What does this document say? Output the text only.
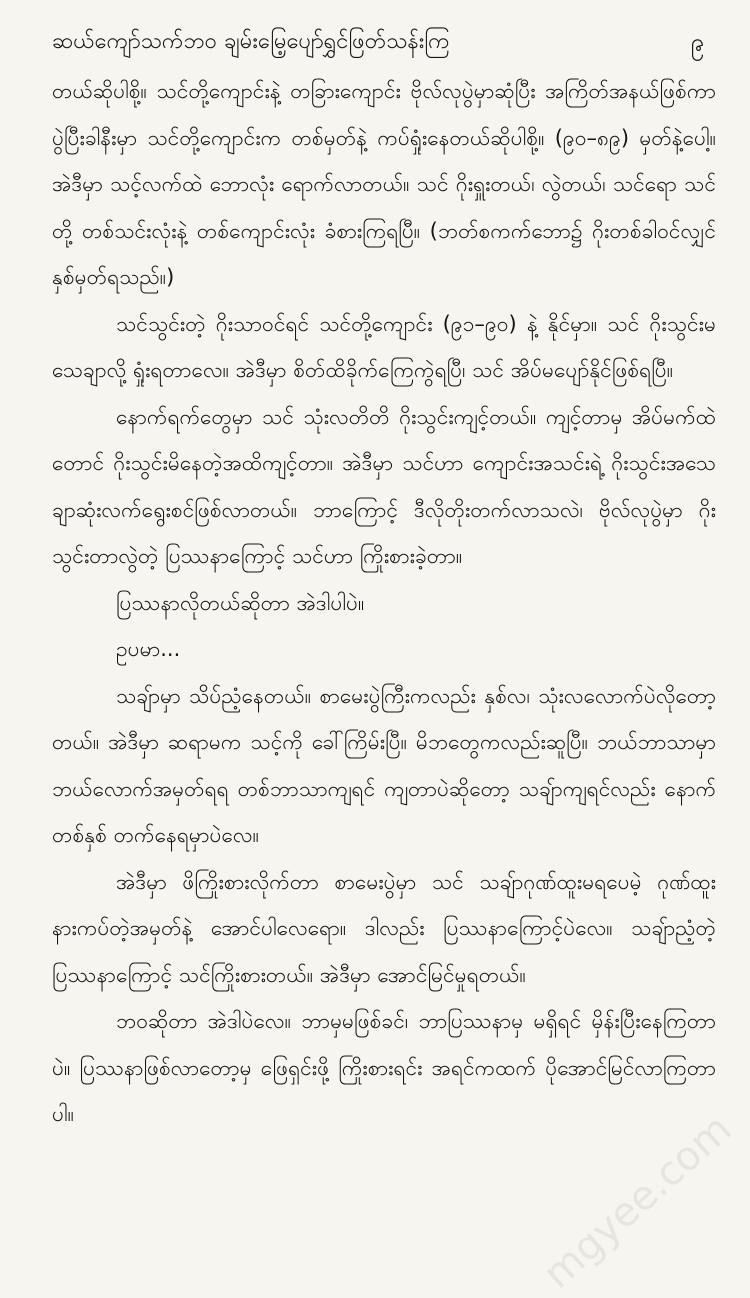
ဆယ်ကျော်သက်ဘဝ ချမ်းမြေ့ပျော်ရွှင်ဖြတ်သန်းကြ	၉

တယ်ဆိုပါစို့။ သင်တို့ကျောင်းနဲ့ တခြားကျောင်း ဗိုလ်လုပွဲမှာဆုံပြီး အကြိတ်အနယ်ဖြစ်ကာ ပွဲပြီးခါနီးမှာ သင်တို့ကျောင်းက တစ်မှတ်နဲ့ ကပ်ရှုံးနေတယ်ဆိုပါစို့။ (၉၀–၈၉) မှတ်နဲ့ပေါ့။ အဲဒီမှာ သင့်လက်ထဲ ဘောလုံး ရောက်လာတယ်။ သင် ဂိုးရှူးတယ်၊ လွဲတယ်၊ သင်ရော သင်တို့ တစ်သင်းလုံးနဲ့ တစ်ကျောင်းလုံး ခံစားကြရပြီ။ (ဘတ်စကက်ဘော၌ ဂိုးတစ်ခါဝင်လျှင် နှစ်မှတ်ရသည်။)

သင်သွင်းတဲ့ ဂိုးသာဝင်ရင် သင်တို့ကျောင်း (၉၁–၉၀) နဲ့ နိုင်မှာ။ သင် ဂိုးသွင်းမသေချာလို့ ရှုံးရတာလေ။ အဲဒီမှာ စိတ်ထိခိုက်ကြေကွဲရပြီ၊ သင် အိပ်မပျော်နိုင်ဖြစ်ရပြီ။

နောက်ရက်တွေမှာ သင် သုံးလတိတိ ဂိုးသွင်းကျင့်တယ်။ ကျင့်တာမှ အိပ်မက်ထဲတောင် ဂိုးသွင်းမိနေတဲ့အထိကျင့်တာ။ အဲဒီမှာ သင်ဟာ ကျောင်းအသင်းရဲ့ ဂိုးသွင်းအသေချာဆုံးလက်ရွေးစင်ဖြစ်လာတယ်။ ဘာကြောင့် ဒီလိုတိုးတက်လာသလဲ၊ ဗိုလ်လုပွဲမှာ ဂိုးသွင်းတာလွဲတဲ့ ပြဿနာကြောင့် သင်ဟာ ကြိုးစားခဲ့တာ။

ပြဿနာလိုတယ်ဆိုတာ အဲဒါပါပဲ။

ဥပမာ...

သချ်ာမှာ သိပ်ညံ့နေတယ်။ စာမေးပွဲကြီးကလည်း နှစ်လ၊ သုံးလလောက်ပဲလိုတော့တယ်။ အဲဒီမှာ ဆရာမက သင့်ကို ခေါ်ကြိမ်းပြီ။ မိဘတွေကလည်းဆူပြီ။ ဘယ်ဘာသာမှာ ဘယ်လောက်အမှတ်ရရ တစ်ဘာသာကျရင် ကျတာပဲဆိုတော့ သချ်ာကျရင်လည်း နောက်တစ်နှစ် တက်နေရမှာပဲလေ။

အဲဒီမှာ ဖိကြိုးစားလိုက်တာ စာမေးပွဲမှာ သင် သချ်ာဂုဏ်ထူးမရပေမဲ့ ဂုဏ်ထူးနားကပ်တဲ့အမှတ်နဲ့ အောင်ပါလေရော။ ဒါလည်း ပြဿနာကြောင့်ပဲလေ။ သချ်ာညံ့တဲ့ပြဿနာကြောင့် သင်ကြိုးစားတယ်။ အဲဒီမှာ အောင်မြင်မှုရတယ်။

ဘဝဆိုတာ အဲဒါပဲလေ။ ဘာမှမဖြစ်ခင်၊ ဘာပြဿနာမှ မရှိရင် မှိန်းပြီးနေကြတာပဲ။ ပြဿနာဖြစ်လာတော့မှ ဖြေရှင်းဖို့ ကြိုးစားရင်း အရင်ကထက် ပိုအောင်မြင်လာကြတာပါ။	mgyee.com
